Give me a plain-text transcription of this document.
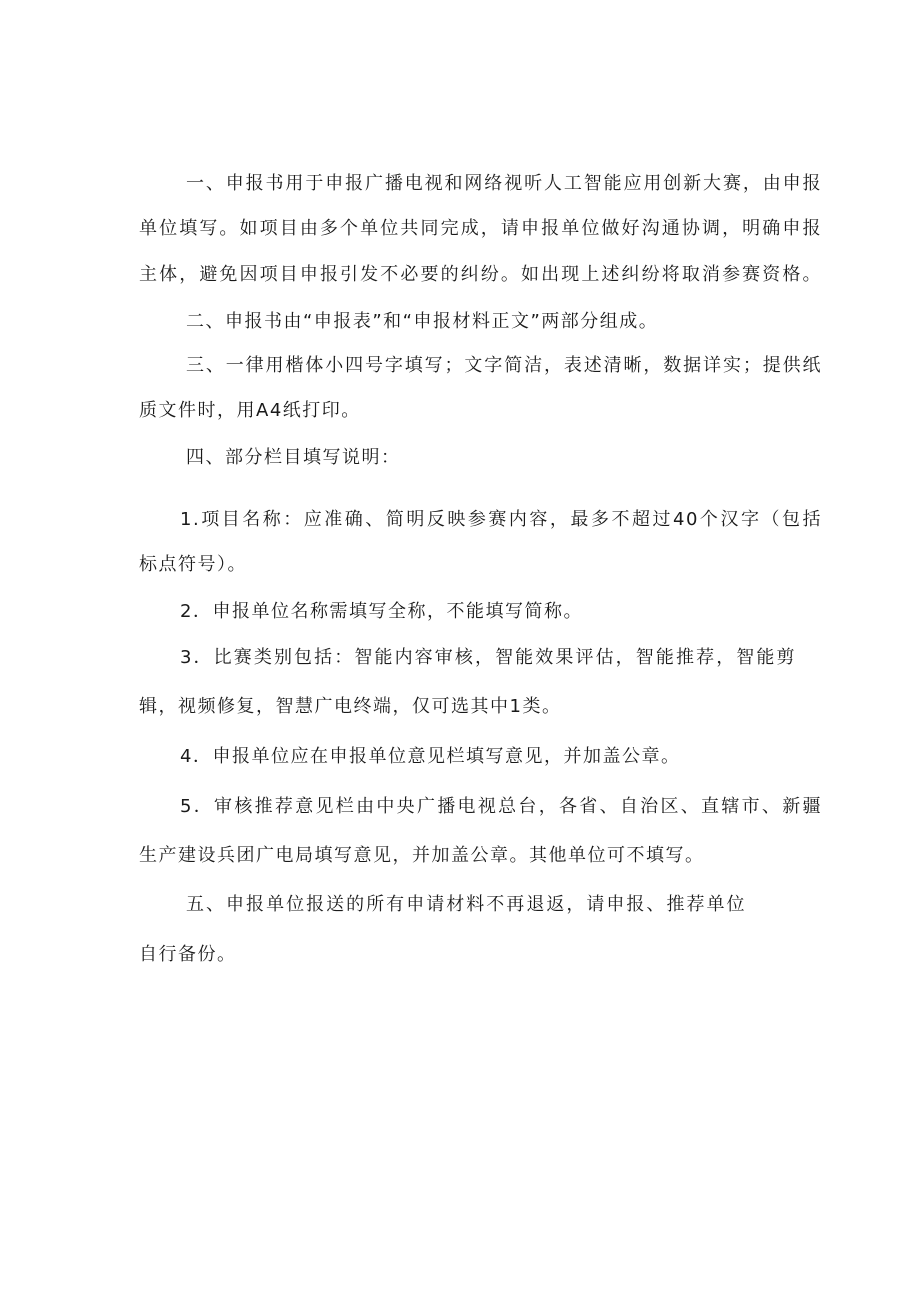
一、申报书用于申报广播电视和网络视听人工智能应用创新大赛，由申报
单位填写。如项目由多个单位共同完成，请申报单位做好沟通协调，明确申报
主体，避免因项目申报引发不必要的纠纷。如出现上述纠纷将取消参赛资格。
二、申报书由“申报表”和“申报材料正文”两部分组成。
三、一律用楷体小四号字填写；文字简洁，表述清晰，数据详实；提供纸
质文件时，用A4纸打印。
四、部分栏目填写说明：
1.项目名称：应准确、简明反映参赛内容，最多不超过40个汉字（包括
标点符号）。
2．申报单位名称需填写全称，不能填写简称。
3．比赛类别包括：智能内容审核，智能效果评估，智能推荐，智能剪
辑，视频修复，智慧广电终端，仅可选其中1类。
4．申报单位应在申报单位意见栏填写意见，并加盖公章。
5．审核推荐意见栏由中央广播电视总台，各省、自治区、直辖市、新疆
生产建设兵团广电局填写意见，并加盖公章。其他单位可不填写。
五、申报单位报送的所有申请材料不再退返，请申报、推荐单位
自行备份。
